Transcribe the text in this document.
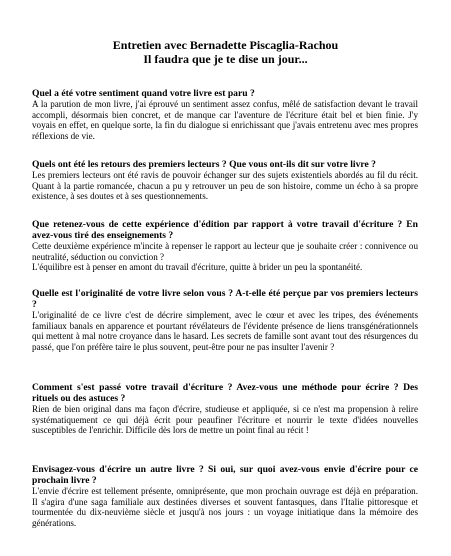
Entretien avec Bernadette Piscaglia-Rachou
Il faudra que je te dise un jour...

Quel a été votre sentiment quand votre livre est paru ?

A la parution de mon livre, j'ai éprouvé un sentiment assez confus, mêlé de satisfaction devant le travail accompli, désormais bien concret, et de manque car l'aventure de l'écriture était bel et bien finie. J'y voyais en effet, en quelque sorte, la fin du dialogue si enrichissant que j'avais entretenu avec mes propres réflexions de vie.

Quels ont été les retours des premiers lecteurs ? Que vous ont-ils dit sur votre livre ?

Les premiers lecteurs ont été ravis de pouvoir échanger sur des sujets existentiels abordés au fil du récit. Quant à la partie romancée, chacun a pu y retrouver un peu de son histoire, comme un écho à sa propre existence, à ses doutes et à ses questionnements.

Que retenez-vous de cette expérience d'édition par rapport à votre travail d'écriture ? En avez-vous tiré des enseignements ?

Cette deuxième expérience m'incite à repenser le rapport au lecteur que je souhaite créer : connivence ou neutralité, séduction ou conviction ?

L'équilibre est à penser en amont du travail d'écriture, quitte à brider un peu la spontanéité.

Quelle est l'originalité de votre livre selon vous ? A-t-elle été perçue par vos premiers lecteurs ?

L'originalité de ce livre c'est de décrire simplement, avec le cœur et avec les tripes, des événements familiaux banals en apparence et pourtant révélateurs de l'évidente présence de liens transgénérationnels qui mettent à mal notre croyance dans le hasard. Les secrets de famille sont avant tout des résurgences du passé, que l'on préfère taire le plus souvent, peut-être pour ne pas insulter l'avenir ?

Comment s'est passé votre travail d'écriture ? Avez-vous une méthode pour écrire ? Des rituels ou des astuces ?

Rien de bien original dans ma façon d'écrire, studieuse et appliquée, si ce n'est ma propension à relire systématiquement ce qui déjà écrit pour peaufiner l'écriture et nourrir le texte d'idées nouvelles susceptibles de l'enrichir. Difficile dès lors de mettre un point final au récit !

Envisagez-vous d'écrire un autre livre ? Si oui, sur quoi avez-vous envie d'écrire pour ce prochain livre ?

L'envie d'écrire est tellement présente, omniprésente, que mon prochain ouvrage est déjà en préparation. Il s'agira d'une saga familiale aux destinées diverses et souvent fantasques, dans l'Italie pittoresque et tourmentée du dix-neuvième siècle et jusqu'à nos jours : un voyage initiatique dans la mémoire des générations.
